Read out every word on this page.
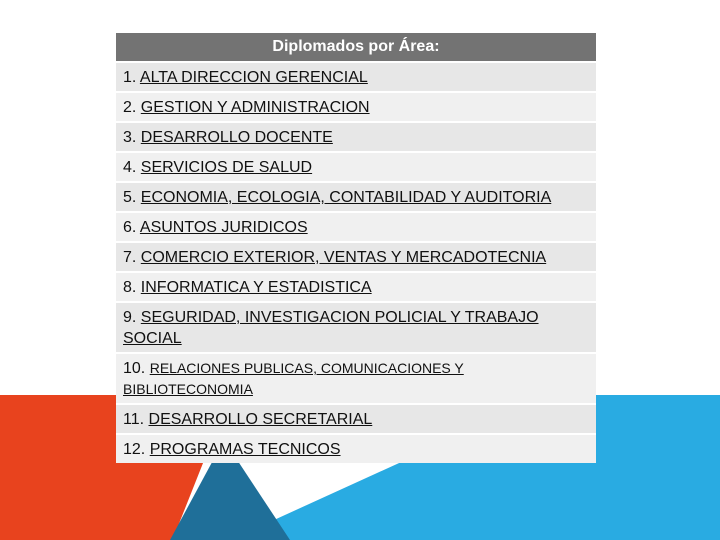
Diplomados por Área:
1. ALTA DIRECCION GERENCIAL
2. GESTION Y ADMINISTRACION
3. DESARROLLO DOCENTE
4. SERVICIOS DE SALUD
5. ECONOMIA, ECOLOGIA, CONTABILIDAD Y AUDITORIA
6. ASUNTOS JURIDICOS
7. COMERCIO EXTERIOR, VENTAS Y MERCADOTECNIA
8. INFORMATICA Y ESTADISTICA
9. SEGURIDAD, INVESTIGACION POLICIAL Y TRABAJO SOCIAL
10. RELACIONES PUBLICAS, COMUNICACIONES Y BIBLIOTECONOMIA
11. DESARROLLO SECRETARIAL
12. PROGRAMAS TECNICOS
